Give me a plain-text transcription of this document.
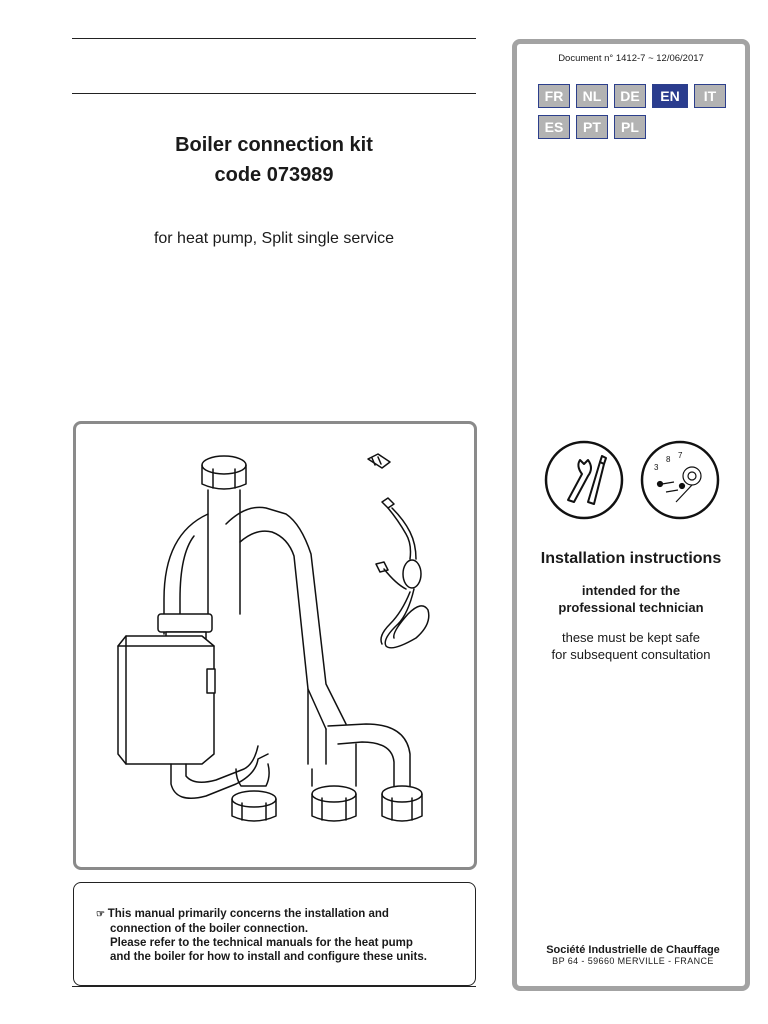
Boiler connection kit
code 073989
for heat pump, Split single service
☞ This manual primarily concerns the installation and
connection of the boiler connection.
Please refer to the technical manuals for the heat pump
and the boiler for how to install and configure these units.
Document n° 1412-7 ~ 12/06/2017
FR	NL	DE	EN	IT
ES	PT	PL
3
8 7
Installation instructions
intended for the
professional technician
these must be kept safe
for subsequent consultation
Société Industrielle de Chauffage
BP 64 - 59660 MERVILLE - FRANCE
